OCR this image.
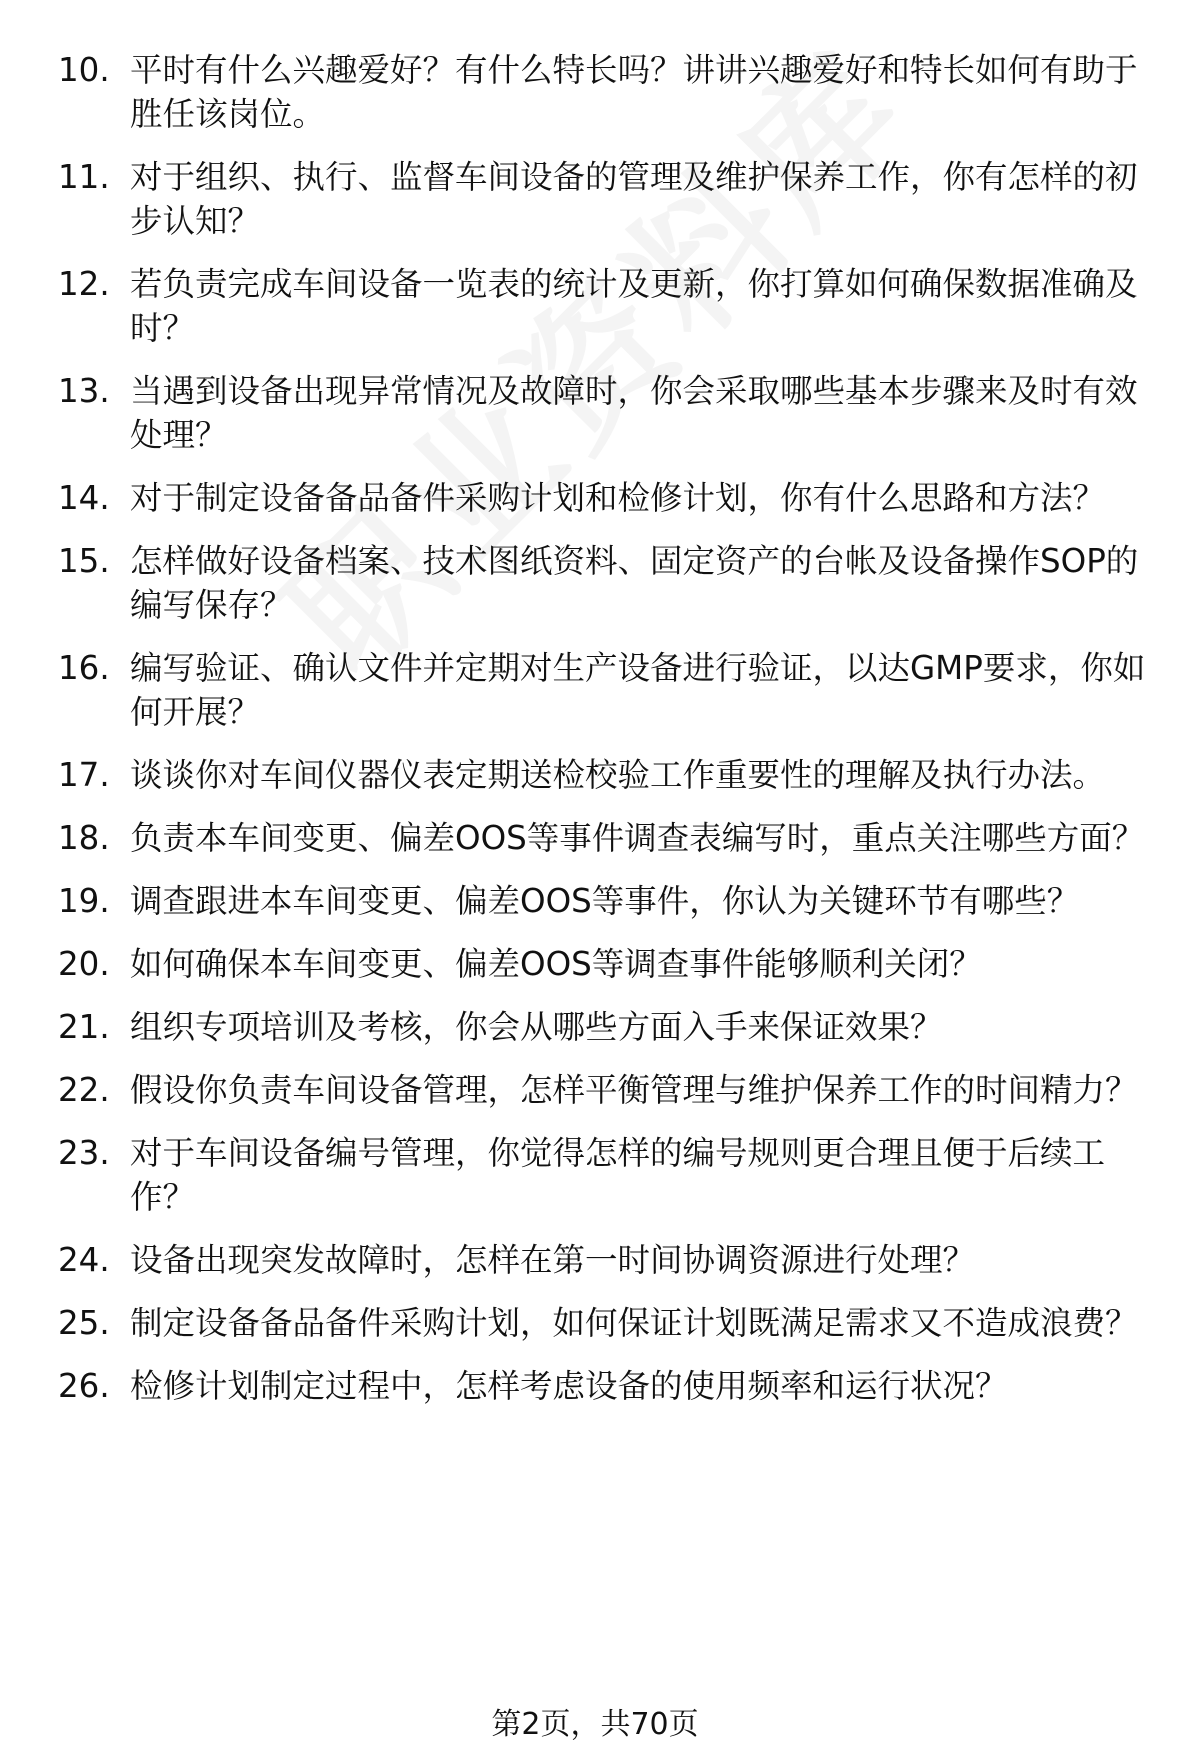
10. 平时有什么兴趣爱好？有什么特长吗？讲讲兴趣爱好和特长如何有助于胜任该岗位。
11. 对于组织、执行、监督车间设备的管理及维护保养工作，你有怎样的初步认知？
12. 若负责完成车间设备一览表的统计及更新，你打算如何确保数据准确及时？
13. 当遇到设备出现异常情况及故障时，你会采取哪些基本步骤来及时有效处理？
14. 对于制定设备备品备件采购计划和检修计划，你有什么思路和方法？
15. 怎样做好设备档案、技术图纸资料、固定资产的台帐及设备操作SOP的编写保存？
16. 编写验证、确认文件并定期对生产设备进行验证，以达GMP要求，你如何开展？
17. 谈谈你对车间仪器仪表定期送检校验工作重要性的理解及执行办法。
18. 负责本车间变更、偏差OOS等事件调查表编写时，重点关注哪些方面？
19. 调查跟进本车间变更、偏差OOS等事件，你认为关键环节有哪些？
20. 如何确保本车间变更、偏差OOS等调查事件能够顺利关闭？
21. 组织专项培训及考核，你会从哪些方面入手来保证效果？
22. 假设你负责车间设备管理，怎样平衡管理与维护保养工作的时间精力？
23. 对于车间设备编号管理，你觉得怎样的编号规则更合理且便于后续工作？
24. 设备出现突发故障时，怎样在第一时间协调资源进行处理？
25. 制定设备备品备件采购计划，如何保证计划既满足需求又不造成浪费？
26. 检修计划制定过程中，怎样考虑设备的使用频率和运行状况？
第2页，共70页
